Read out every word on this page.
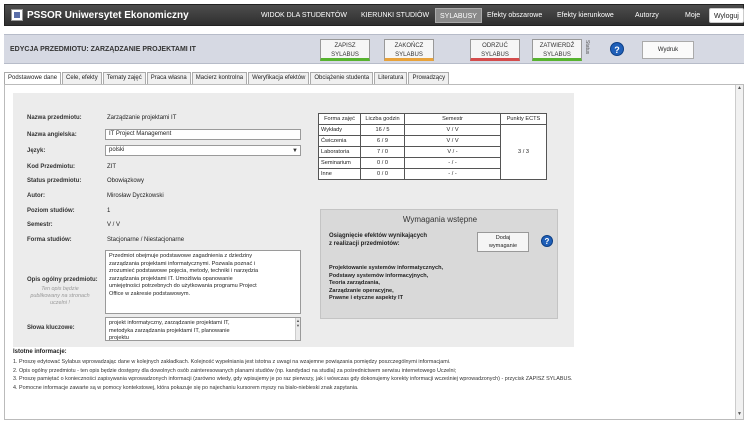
PSSOR Uniwersytet Ekonomiczny	WIDOK DLA STUDENTÓW	KIERUNKI STUDIÓW	SYLABUSY	Efekty obszarowe	Efekty kierunkowe	Autorzy	Moje	Wyloguj
EDYCJA PRZEDMIOTU: ZARZĄDZANIE PROJEKTAMI IT	ZAPISZ
SYLABUS
ZAKOŃCZ
SYLABUS
ODRZUĆ
SYLABUS
ZATWIERDŹ
SYLABUS
Status	?	Wydruk
Podstawowe dane Cele, efekty Tematy zajęć Praca własna Macierz kontrolna Weryfikacja efektów Obciążenie studenta Literatura Prowadzący
Nazwa przedmiotu:	Zarządzanie projektami IT
Nazwa angielska:	IT Project Management
Język:	polski	▼
Kod Przedmiotu:	ZIT
Status przedmiotu:	Obowiązkowy
Autor:	Mirosław Dyczkowski
Poziom studiów:	1
Semestr:	V / V
Forma studiów:	Stacjonarne / Niestacjonarne
Opis ogólny przedmiotu:
Ten opis będzie publikowany na stronach uczelni !
Przedmiot obejmuje podstawowe zagadnienia z dziedziny
zarządzania projektami informatycznymi. Pozwala poznać i
zrozumieć podstawowe pojęcia, metody, techniki i narzędzia
zarządzania projektami IT. Umożliwia opanowanie
umiejętności potrzebnych do użytkowania programu Project
Office w zakresie podstawowym.
Słowa kluczowe:
projekt informatyczny, zarządzanie projektami IT,
metodyka zarządzania projektami IT, planowanie
projektu
▲
▼
Forma zajęć	Liczba godzin	Semestr	Punkty ECTS
Wykłady	16 / 5	V / V	3 / 3
Ćwiczenia	6 / 9	V / V	
Laboratoria	7 / 0	V / -	
Seminarium	0 / 0	- / -	
Inne	0 / 0	- / -	
Wymagania wstępne
Osiągnięcie efektów wynikających
z realizacji przedmiotów:
Dodaj
wymaganie	?
Projektowanie systemów informatycznych,
Podstawy systemów informacyjnych,
Teoria zarządzania,
Zarządzanie operacyjne,
Prawne i etyczne aspekty IT
Istotne informacje:
1. Proszę edytować Sylabus wprowadzając dane w kolejnych zakładkach. Kolejność wypełniania jest istotna z uwagi na wzajemne powiązania pomiędzy poszczególnymi informacjami.
2. Opis ogólny przedmiotu - ten opis będzie dostępny dla dowolnych osób zainteresowanych planami studiów (np. kandydaci na studia) za pośrednictwem serwisu internetowego Uczelni;
3. Proszę pamiętać o konieczności zapisywania wprowadzonych informacji (zarówno wtedy, gdy wpisujemy je po raz pierwszy, jak i wówczas gdy dokonujemy korekty informacji wcześniej wprowadzonych) - przycisk ZAPISZ SYLABUS.
4. Pomocne informacje zawarte są w pomocy kontekstowej, która pokazuje się po najechaniu kursorem myszy na biało-niebieski znak zapytania.
▲
▼
